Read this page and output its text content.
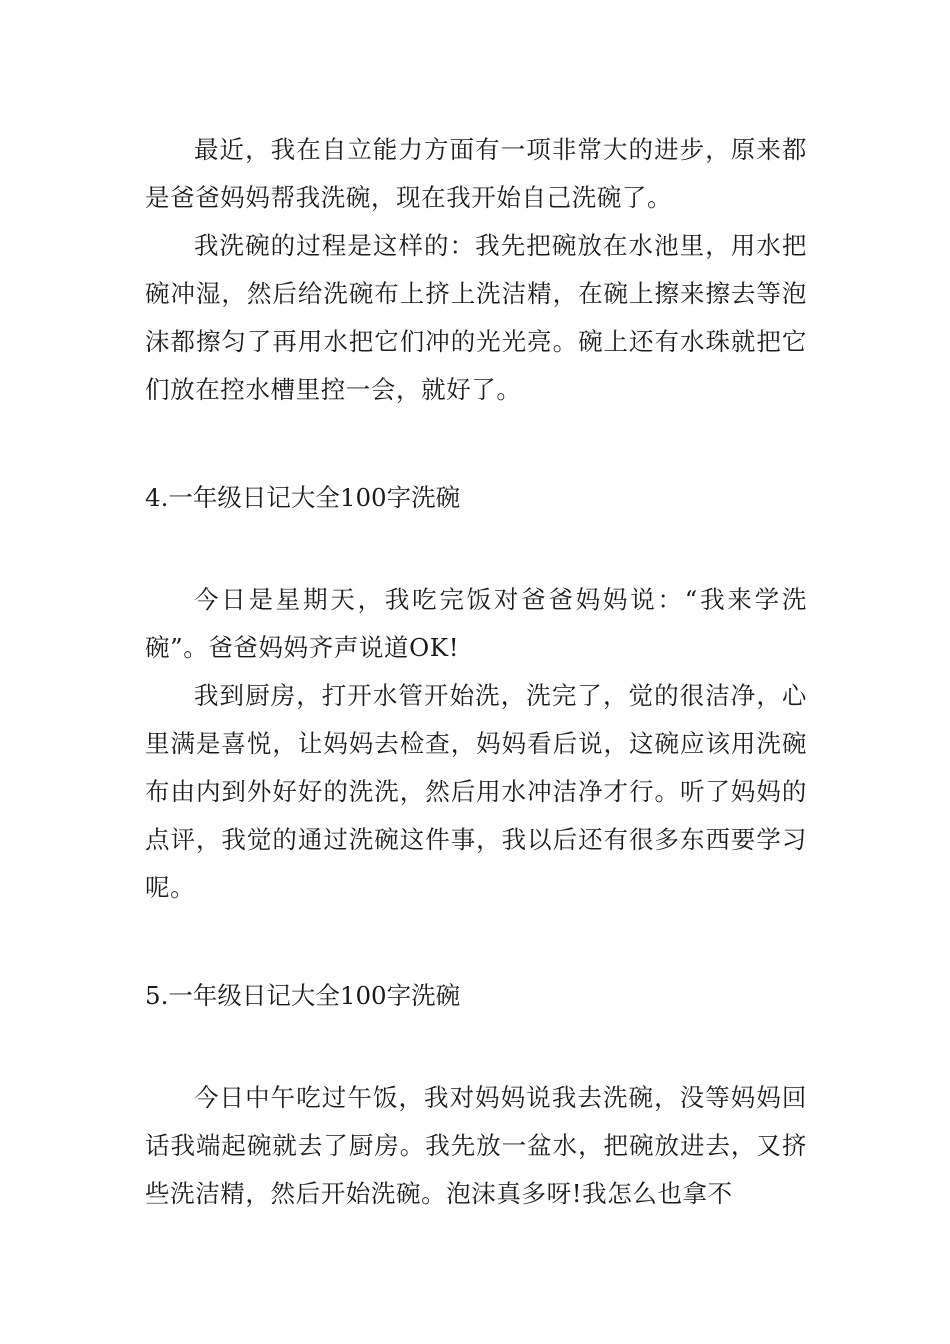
最近，我在自立能力方面有一项非常大的进步，原来都是爸爸妈妈帮我洗碗，现在我开始自己洗碗了。

我洗碗的过程是这样的：我先把碗放在水池里，用水把碗冲湿，然后给洗碗布上挤上洗洁精，在碗上擦来擦去等泡沫都擦匀了再用水把它们冲的光光亮。碗上还有水珠就把它们放在控水槽里控一会，就好了。

4.一年级日记大全100字洗碗

今日是星期天，我吃完饭对爸爸妈妈说：“我来学洗碗”。爸爸妈妈齐声说道OK!

我到厨房，打开水管开始洗，洗完了，觉的很洁净，心里满是喜悦，让妈妈去检查，妈妈看后说，这碗应该用洗碗布由内到外好好的洗洗，然后用水冲洁净才行。听了妈妈的点评，我觉的通过洗碗这件事，我以后还有很多东西要学习呢。

5.一年级日记大全100字洗碗

今日中午吃过午饭，我对妈妈说我去洗碗，没等妈妈回话我端起碗就去了厨房。我先放一盆水，把碗放进去，又挤些洗洁精，然后开始洗碗。泡沫真多呀!我怎么也拿不
